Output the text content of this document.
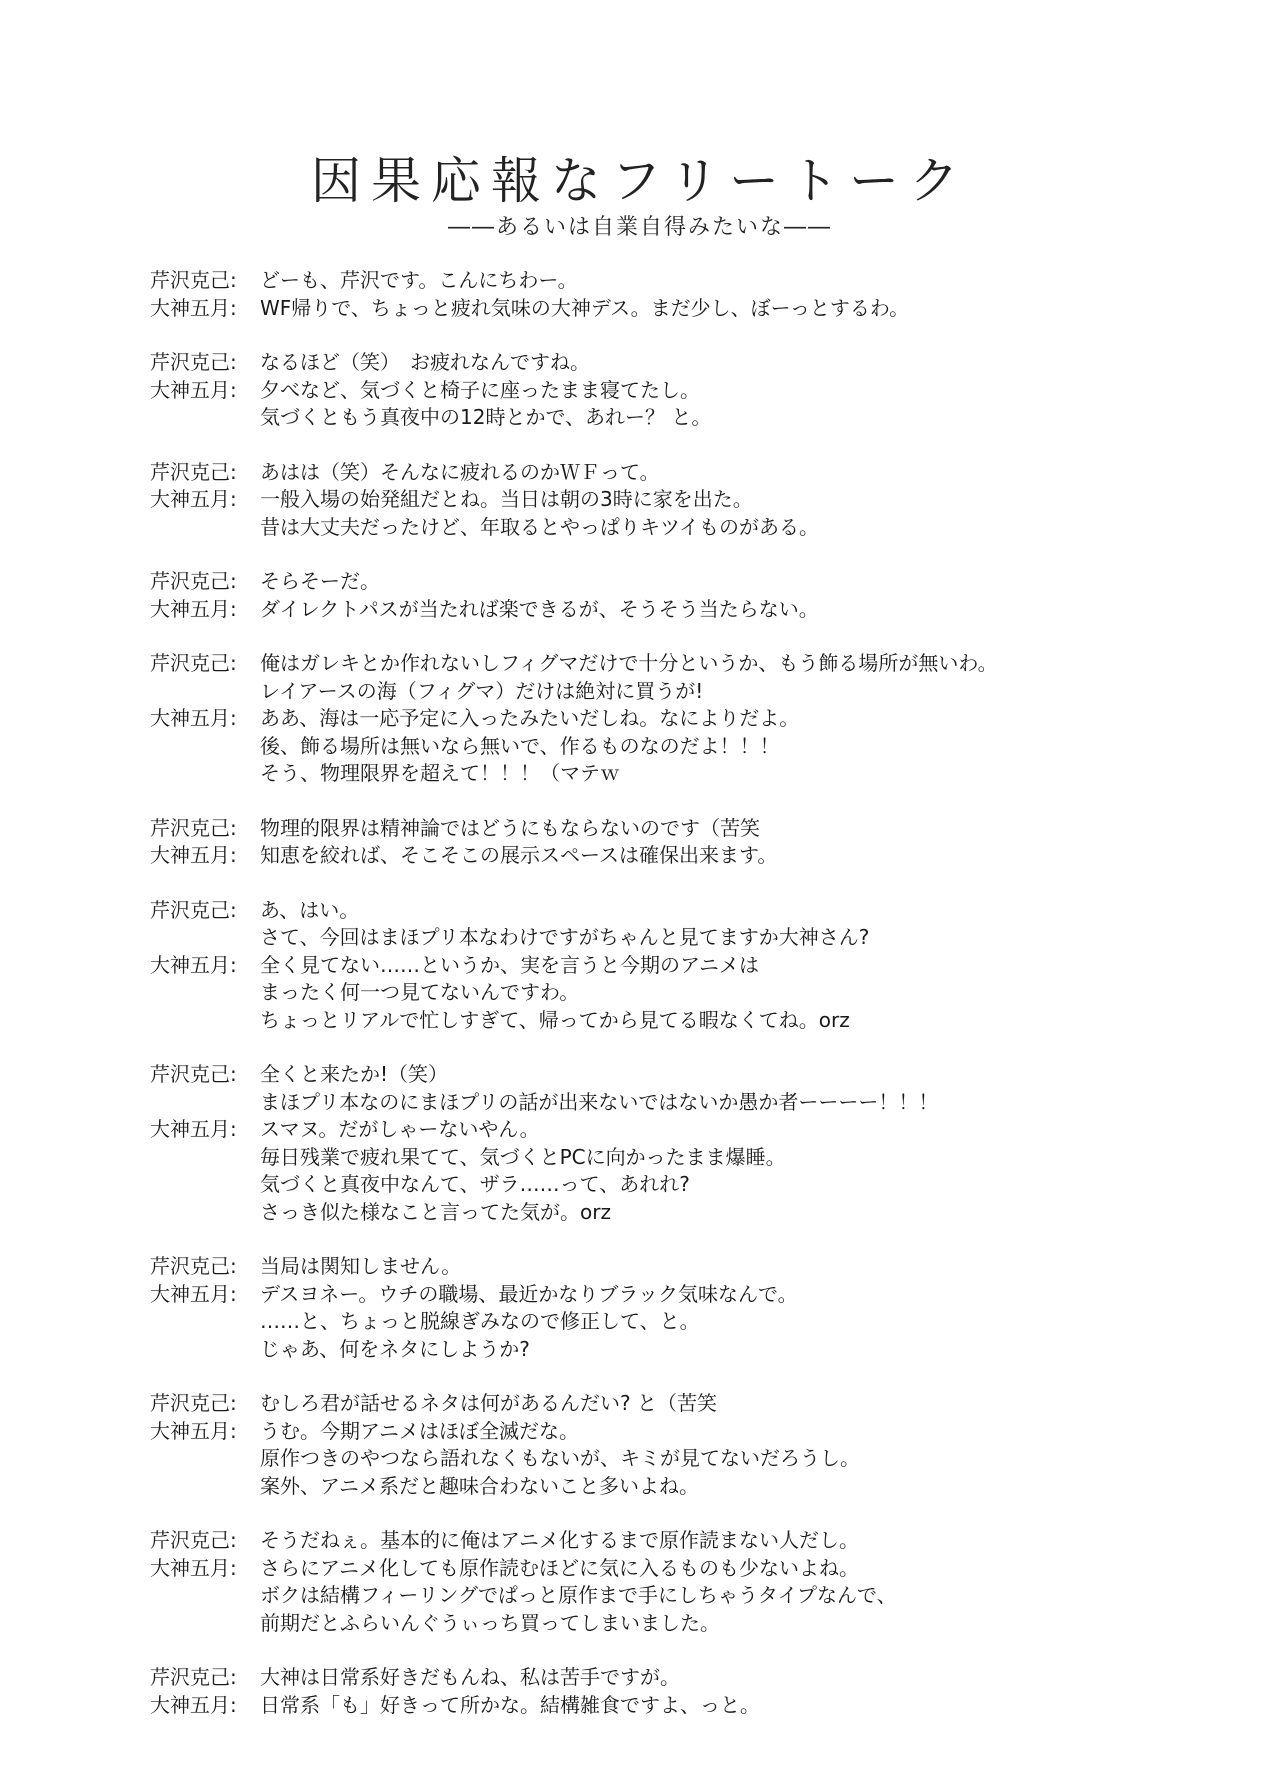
因果応報なフリートーク
――あるいは自業自得みたいな――
芹沢克己:	どーも、芹沢です。こんにちわー。
大神五月:	WF帰りで、ちょっと疲れ気味の大神デス。まだ少し、ぼーっとするわ。
芹沢克己:	なるほど（笑）　お疲れなんですね。
大神五月:	夕べなど、気づくと椅子に座ったまま寝てたし。
気づくともう真夜中の12時とかで、あれー？ と。
芹沢克己:	あはは（笑）そんなに疲れるのかＷＦって。
大神五月:	一般入場の始発組だとね。当日は朝の3時に家を出た。
昔は大丈夫だったけど、年取るとやっぱりキツイものがある。
芹沢克己:	そらそーだ。
大神五月:	ダイレクトパスが当たれば楽できるが、そうそう当たらない。
芹沢克己:	俺はガレキとか作れないしフィグマだけで十分というか、もう飾る場所が無いわ。
レイアースの海（フィグマ）だけは絶対に買うが!
大神五月:	ああ、海は一応予定に入ったみたいだしね。なによりだよ。
後、飾る場所は無いなら無いで、作るものなのだよ！！！
そう、物理限界を超えて！！！（マテｗ
芹沢克己:	物理的限界は精神論ではどうにもならないのです（苦笑
大神五月:	知恵を絞れば、そこそこの展示スペースは確保出来ます。
芹沢克己:	あ、はい。
さて、今回はまほプリ本なわけですがちゃんと見てますか大神さん?
大神五月:	全く見てない……というか、実を言うと今期のアニメは
まったく何一つ見てないんですわ。
ちょっとリアルで忙しすぎて、帰ってから見てる暇なくてね。orz
芹沢克己:	全くと来たか!（笑）
まほプリ本なのにまほプリの話が出来ないではないか愚か者ーーーー！！！
大神五月:	スマヌ。だがしゃーないやん。
毎日残業で疲れ果てて、気づくとPCに向かったまま爆睡。
気づくと真夜中なんて、ザラ……って、あれれ?
さっき似た様なこと言ってた気が。orz
芹沢克己:	当局は関知しません。
大神五月:	デスヨネー。ウチの職場、最近かなりブラック気味なんで。
……と、ちょっと脱線ぎみなので修正して、と。
じゃあ、何をネタにしようか?
芹沢克己:	むしろ君が話せるネタは何があるんだい? と（苦笑
大神五月:	うむ。今期アニメはほぼ全滅だな。
原作つきのやつなら語れなくもないが、キミが見てないだろうし。
案外、アニメ系だと趣味合わないこと多いよね。
芹沢克己:	そうだねぇ。基本的に俺はアニメ化するまで原作読まない人だし。
大神五月:	さらにアニメ化しても原作読むほどに気に入るものも少ないよね。
ボクは結構フィーリングでぱっと原作まで手にしちゃうタイプなんで、
前期だとふらいんぐうぃっち買ってしまいました。
芹沢克己:	大神は日常系好きだもんね、私は苦手ですが。
大神五月:	日常系「も」好きって所かな。結構雑食ですよ、っと。
